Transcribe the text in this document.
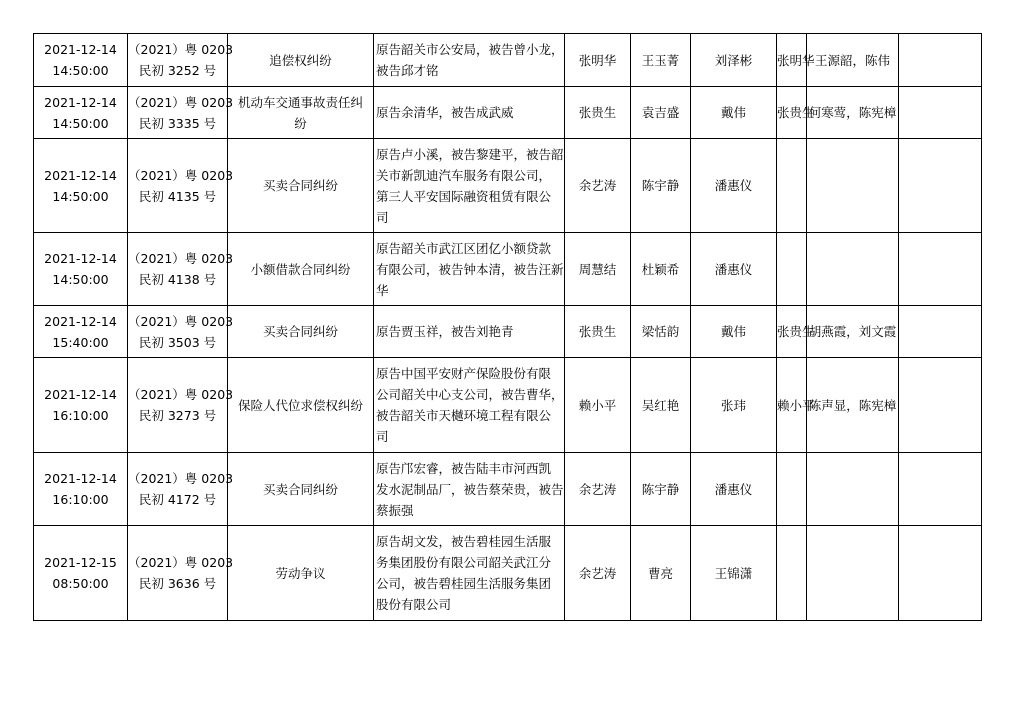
2021-12-14
14:50:00	（2021）粤 0203
民初 3252 号	追偿权纠纷	原告韶关市公安局，被告曾小龙，
被告邱才铭	张明华	王玉菁	刘泽彬	张明华	王源韶，陈伟	

2021-12-14
14:50:00	（2021）粤 0203
民初 3335 号	机动车交通事故责任纠
纷	原告余清华，被告成武威	张贵生	袁吉盛	戴伟	张贵生	何寒莺，陈宪樟	

2021-12-14
14:50:00	（2021）粤 0203
民初 4135 号	买卖合同纠纷	原告卢小溪，被告黎建平，被告韶
关市新凯迪汽车服务有限公司，
第三人平安国际融资租赁有限公
司	余艺涛	陈宇静	潘惠仪			

2021-12-14
14:50:00	（2021）粤 0203
民初 4138 号	小额借款合同纠纷	原告韶关市武江区团亿小额贷款
有限公司，被告钟本清，被告汪新
华	周慧结	杜颖希	潘惠仪			

2021-12-14
15:40:00	（2021）粤 0203
民初 3503 号	买卖合同纠纷	原告贾玉祥，被告刘艳青	张贵生	梁恬韵	戴伟	张贵生	胡燕霞，刘文霞	

2021-12-14
16:10:00	（2021）粤 0203
民初 3273 号	保险人代位求偿权纠纷	原告中国平安财产保险股份有限
公司韶关中心支公司，被告曹华，
被告韶关市天樾环境工程有限公
司	赖小平	吴红艳	张玮	赖小平	陈声显，陈宪樟	

2021-12-14
16:10:00	（2021）粤 0203
民初 4172 号	买卖合同纠纷	原告邝宏睿，被告陆丰市河西凯
发水泥制品厂，被告蔡荣贵，被告
蔡振强	余艺涛	陈宇静	潘惠仪			

2021-12-15
08:50:00	（2021）粤 0203
民初 3636 号	劳动争议	原告胡文发，被告碧桂园生活服
务集团股份有限公司韶关武江分
公司，被告碧桂园生活服务集团
股份有限公司	余艺涛	曹亮	王锦潇			
